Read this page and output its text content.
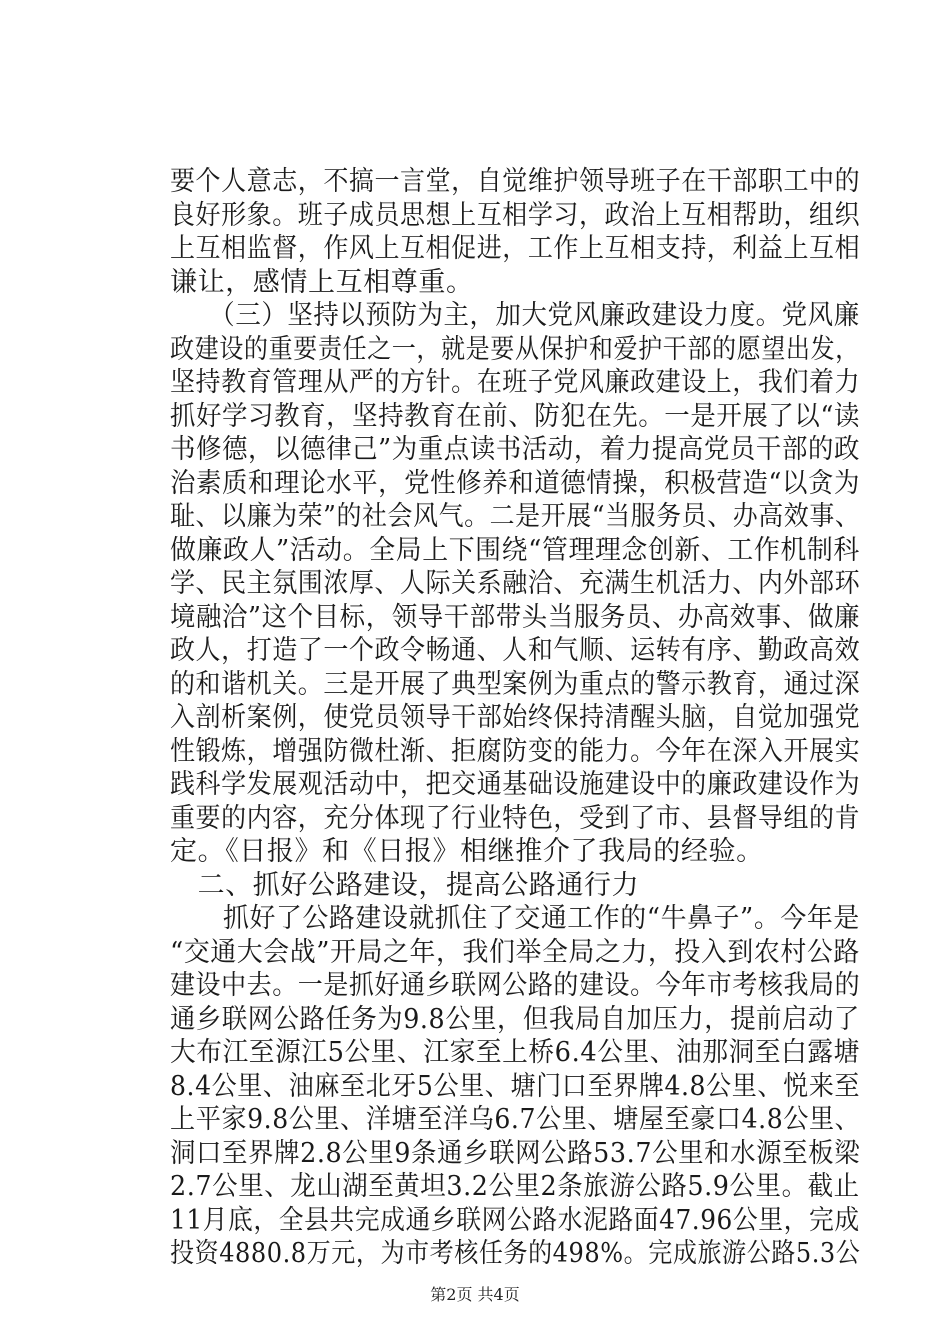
要个人意志，不搞一言堂，自觉维护领导班子在干部职工中的
良好形象。班子成员思想上互相学习，政治上互相帮助，组织
上互相监督，作风上互相促进，工作上互相支持，利益上互相
谦让，感情上互相尊重。
　　（三）坚持以预防为主，加大党风廉政建设力度。党风廉
政建设的重要责任之一，就是要从保护和爱护干部的愿望出发，
坚持教育管理从严的方针。在班子党风廉政建设上，我们着力
抓好学习教育，坚持教育在前、防犯在先。一是开展了以“读
书修德，以德律己”为重点读书活动，着力提高党员干部的政
治素质和理论水平，党性修养和道德情操，积极营造“以贪为
耻、以廉为荣”的社会风气。二是开展“当服务员、办高效事、
做廉政人”活动。全局上下围绕“管理理念创新、工作机制科
学、民主氛围浓厚、人际关系融洽、充满生机活力、内外部环
境融洽”这个目标，领导干部带头当服务员、办高效事、做廉
政人，打造了一个政令畅通、人和气顺、运转有序、勤政高效
的和谐机关。三是开展了典型案例为重点的警示教育，通过深
入剖析案例，使党员领导干部始终保持清醒头脑，自觉加强党
性锻炼，增强防微杜渐、拒腐防变的能力。今年在深入开展实
践科学发展观活动中，把交通基础设施建设中的廉政建设作为
重要的内容，充分体现了行业特色，受到了市、县督导组的肯
定。《日报》和《日报》相继推介了我局的经验。
　二、抓好公路建设，提高公路通行力
　　抓好了公路建设就抓住了交通工作的“牛鼻子”。今年是
“交通大会战”开局之年，我们举全局之力，投入到农村公路
建设中去。一是抓好通乡联网公路的建设。今年市考核我局的
通乡联网公路任务为9.8公里，但我局自加压力，提前启动了
大布江至源江5公里、江家至上桥6.4公里、油那洞至白露塘
8.4公里、油麻至北牙5公里、塘门口至界牌4.8公里、悦来至
上平家9.8公里、洋塘至洋乌6.7公里、塘屋至豪口4.8公里、
洞口至界牌2.8公里9条通乡联网公路53.7公里和水源至板梁
2.7公里、龙山湖至黄坦3.2公里2条旅游公路5.9公里。截止
11月底，全县共完成通乡联网公路水泥路面47.96公里，完成
投资4880.8万元，为市考核任务的498%。完成旅游公路5.3公
第2页 共4页
